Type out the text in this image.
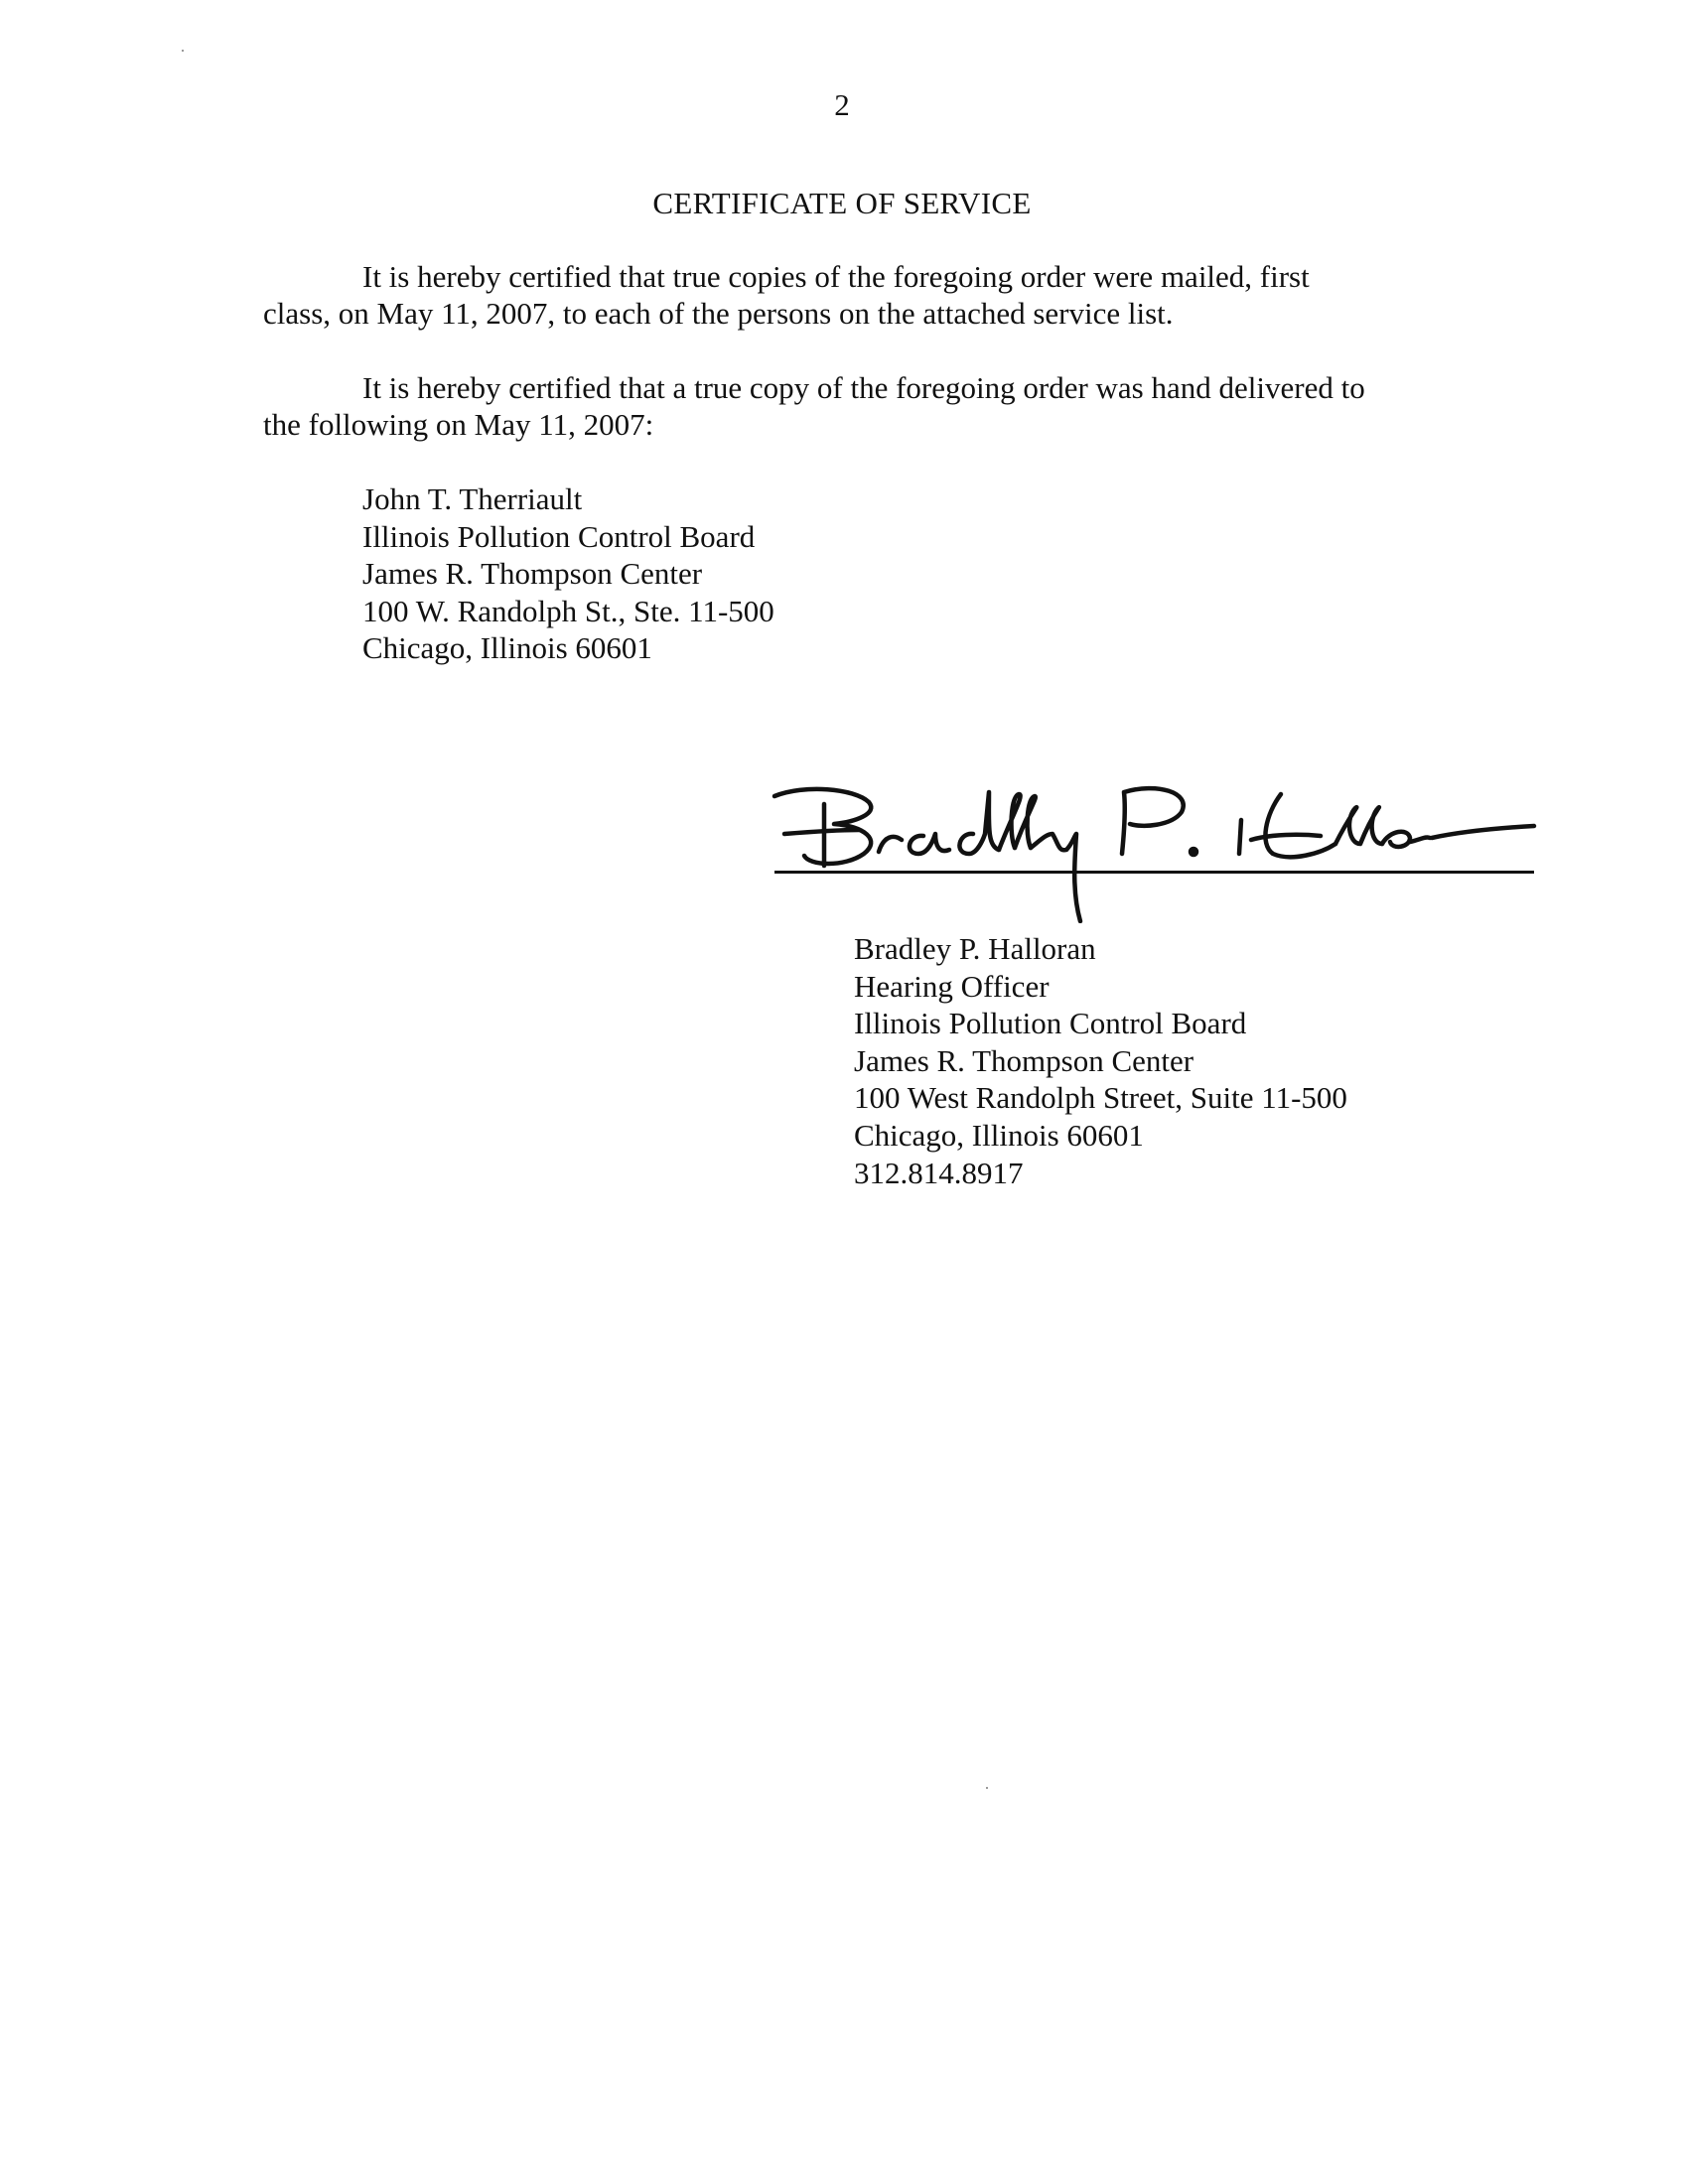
2
CERTIFICATE OF SERVICE
It is hereby certified that true copies of the foregoing order were mailed, first
class, on May 11, 2007, to each of the persons on the attached service list.
It is hereby certified that a true copy of the foregoing order was hand delivered to
the following on May 11, 2007:
John T. Therriault
Illinois Pollution Control Board
James R. Thompson Center
100 W. Randolph St., Ste. 11-500
Chicago, Illinois 60601
Bradley P. Halloran
Hearing Officer
Illinois Pollution Control Board
James R. Thompson Center
100 West Randolph Street, Suite 11-500
Chicago, Illinois 60601
312.814.8917
